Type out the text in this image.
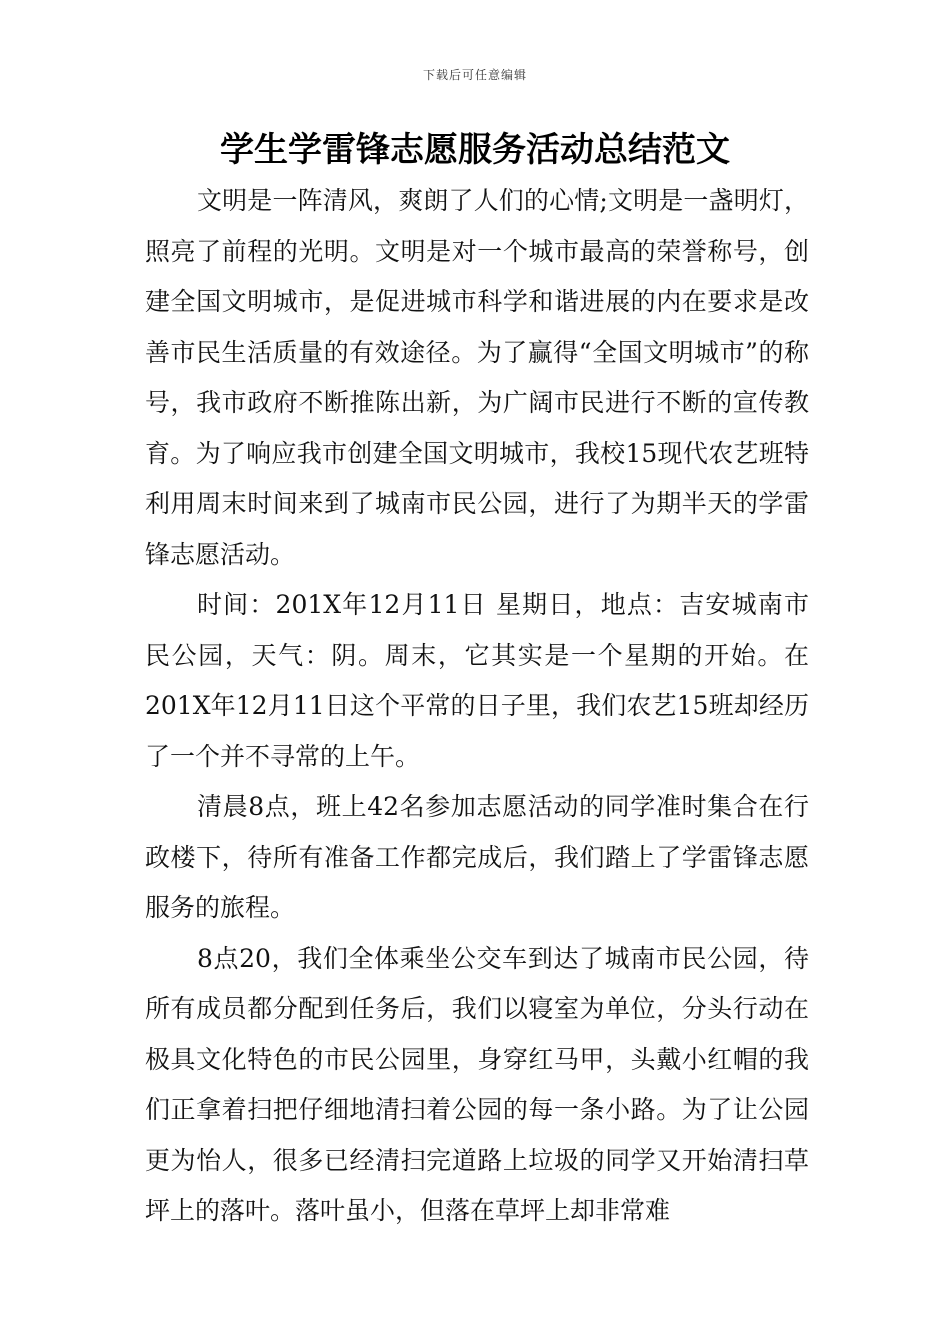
下载后可任意编辑
学生学雷锋志愿服务活动总结范文

文明是一阵清风，爽朗了人们的心情;文明是一盏明灯，照亮了前程的光明。文明是对一个城市最高的荣誉称号，创建全国文明城市，是促进城市科学和谐进展的内在要求是改善市民生活质量的有效途径。为了赢得“全国文明城市”的称号，我市政府不断推陈出新，为广阔市民进行不断的宣传教育。为了响应我市创建全国文明城市，我校15现代农艺班特利用周末时间来到了城南市民公园，进行了为期半天的学雷锋志愿活动。

时间：201X年12月11日 星期日，地点：吉安城南市民公园，天气：阴。周末，它其实是一个星期的开始。在201X年12月11日这个平常的日子里，我们农艺15班却经历了一个并不寻常的上午。

清晨8点，班上42名参加志愿活动的同学准时集合在行政楼下，待所有准备工作都完成后，我们踏上了学雷锋志愿服务的旅程。

8点20，我们全体乘坐公交车到达了城南市民公园，待所有成员都分配到任务后，我们以寝室为单位，分头行动在极具文化特色的市民公园里，身穿红马甲，头戴小红帽的我们正拿着扫把仔细地清扫着公园的每一条小路。为了让公园更为怡人，很多已经清扫完道路上垃圾的同学又开始清扫草坪上的落叶。落叶虽小，但落在草坪上却非常难
